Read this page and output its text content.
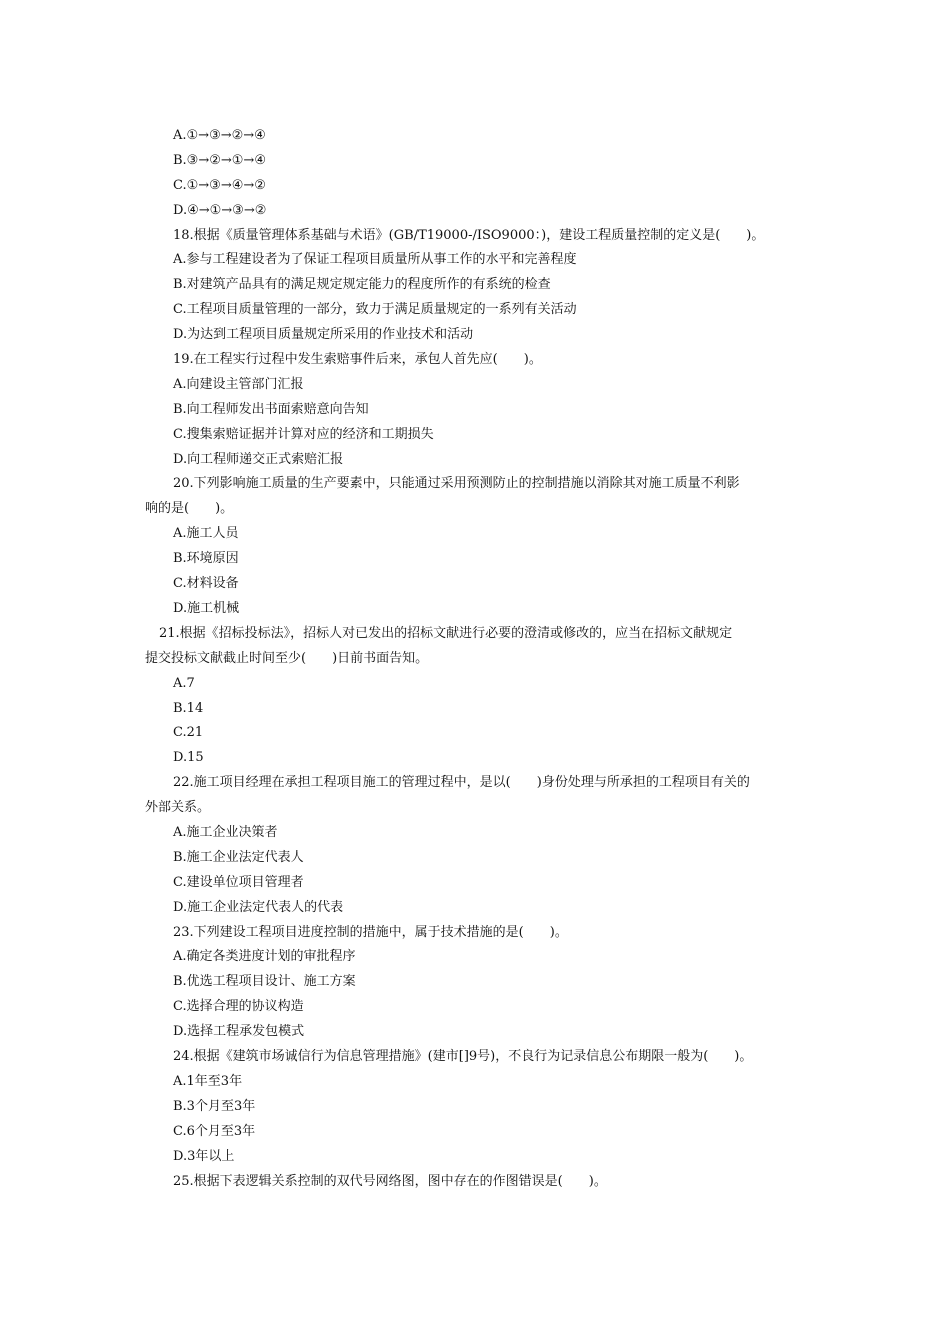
A.①→③→②→④
B.③→②→①→④
C.①→③→④→②
D.④→①→③→②
18.根据《质量管理体系基础与术语》(GB/T19000-/ISO9000：)，建设工程质量控制的定义是(　　)。
A.参与工程建设者为了保证工程项目质量所从事工作的水平和完善程度
B.对建筑产品具有的满足规定规定能力的程度所作的有系统的检查
C.工程项目质量管理的一部分，致力于满足质量规定的一系列有关活动
D.为达到工程项目质量规定所采用的作业技术和活动
19.在工程实行过程中发生索赔事件后来，承包人首先应(　　)。
A.向建设主管部门汇报
B.向工程师发出书面索赔意向告知
C.搜集索赔证据并计算对应的经济和工期损失
D.向工程师递交正式索赔汇报
20.下列影响施工质量的生产要素中，只能通过采用预测防止的控制措施以消除其对施工质量不利影
响的是(　　)。
A.施工人员
B.环境原因
C.材料设备
D.施工机械
21.根据《招标投标法》，招标人对已发出的招标文献进行必要的澄清或修改的，应当在招标文献规定
提交投标文献截止时间至少(　　)日前书面告知。
A.7
B.14
C.21
D.15
22.施工项目经理在承担工程项目施工的管理过程中，是以(　　)身份处理与所承担的工程项目有关的
外部关系。
A.施工企业决策者
B.施工企业法定代表人
C.建设单位项目管理者
D.施工企业法定代表人的代表
23.下列建设工程项目进度控制的措施中，属于技术措施的是(　　)。
A.确定各类进度计划的审批程序
B.优选工程项目设计、施工方案
C.选择合理的协议构造
D.选择工程承发包模式
24.根据《建筑市场诚信行为信息管理措施》(建市[]9号)，不良行为记录信息公布期限一般为(　　)。
A.1年至3年
B.3个月至3年
C.6个月至3年
D.3年以上
25.根据下表逻辑关系控制的双代号网络图，图中存在的作图错误是(　　)。
